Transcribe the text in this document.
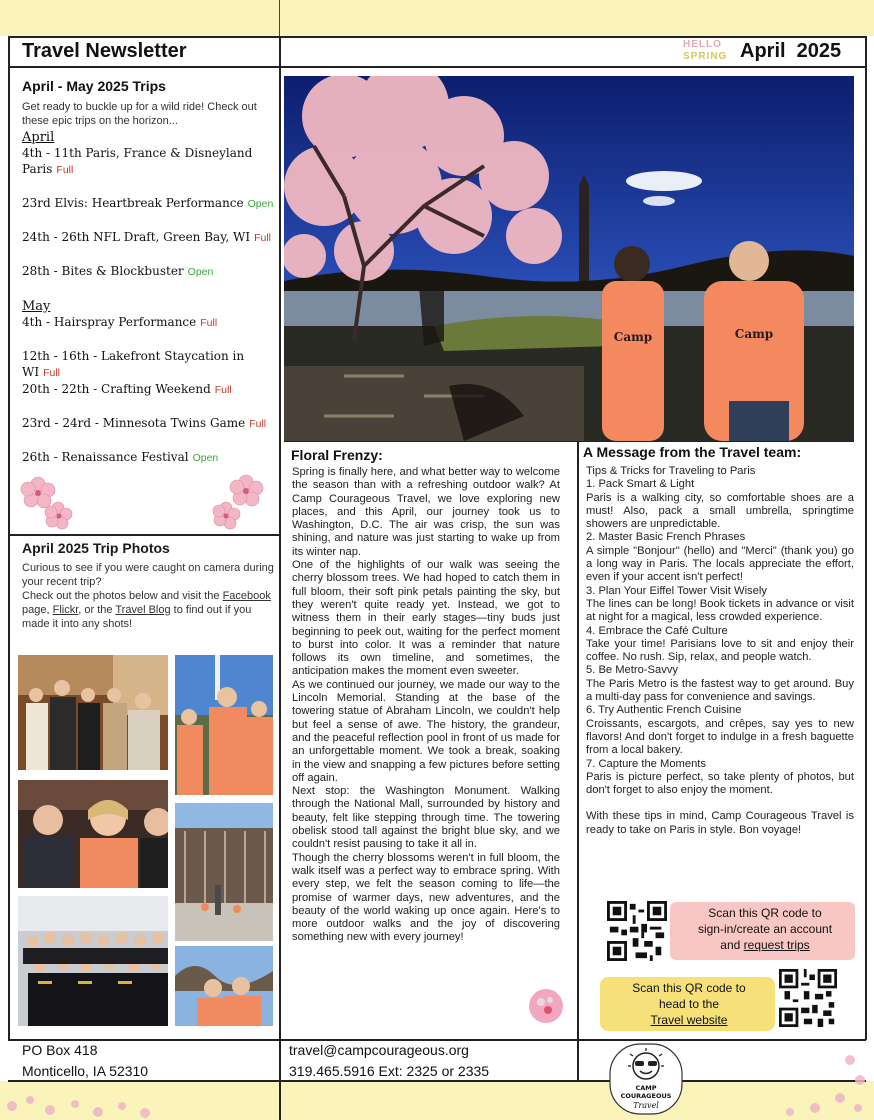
Travel Newsletter	HELLO
SPRING April  2025
April - May 2025 Trips
Get ready to buckle up for a wild ride! Check out these epic trips on the horizon...
April
4th - 11th Paris, France & Disneyland Paris Full
23rd Elvis: Heartbreak Performance Open
24th - 26th NFL Draft, Green Bay, WI Full
28th - Bites & Blockbuster Open
May
4th - Hairspray Performance Full
12th - 16th - Lakefront Staycation in WI Full
20th - 22th - Crafting Weekend Full
23rd - 24rd - Minnesota Twins Game Full
26th - Renaissance Festival Open
April 2025 Trip Photos
Curious to see if you were caught on camera during your recent trip?
Check out the photos below and visit the Facebook page, Flickr, or the Travel Blog to find out if you made it into any shots!
Camp	Camp
Floral Frenzy:

Spring is finally here, and what better way to welcome the season than with a refreshing outdoor walk? At Camp Courageous Travel, we love exploring new places, and this April, our journey took us to Washington, D.C. The air was crisp, the sun was shining, and nature was just starting to wake up from its winter nap.

One of the highlights of our walk was seeing the cherry blossom trees. We had hoped to catch them in full bloom, their soft pink petals painting the sky, but they weren't quite ready yet. Instead, we got to witness them in their early stages—tiny buds just beginning to peek out, waiting for the perfect moment to burst into color. It was a reminder that nature follows its own timeline, and sometimes, the anticipation makes the moment even sweeter.

As we continued our journey, we made our way to the Lincoln Memorial. Standing at the base of the towering statue of Abraham Lincoln, we couldn't help but feel a sense of awe. The history, the grandeur, and the peaceful reflection pool in front of us made for an unforgettable moment. We took a break, soaking in the view and snapping a few pictures before setting off again.

Next stop: the Washington Monument. Walking through the National Mall, surrounded by history and beauty, felt like stepping through time. The towering obelisk stood tall against the bright blue sky, and we couldn't resist pausing to take it all in.

Though the cherry blossoms weren't in full bloom, the walk itself was a perfect way to embrace spring. With every step, we felt the season coming to life—the promise of warmer days, new adventures, and the beauty of the world waking up once again. Here's to more outdoor walks and the joy of discovering something new with every journey!

A Message from the Travel team:

Tips & Tricks for Traveling to Paris

1. Pack Smart & Light

Paris is a walking city, so comfortable shoes are a must! Also, pack a small umbrella, springtime showers are unpredictable.

2. Master Basic French Phrases

A simple "Bonjour" (hello) and "Merci" (thank you) go a long way in Paris. The locals appreciate the effort, even if your accent isn't perfect!

3. Plan Your Eiffel Tower Visit Wisely

The lines can be long! Book tickets in advance or visit at night for a magical, less crowded experience.

4. Embrace the Café Culture

Take your time! Parisians love to sit and enjoy their coffee. No rush. Sip, relax, and people watch.

5. Be Metro-Savvy

The Paris Metro is the fastest way to get around. Buy a multi-day pass for convenience and savings.

6. Try Authentic French Cuisine

Croissants, escargots, and crêpes, say yes to new flavors! And don't forget to indulge in a fresh baguette from a local bakery.

7. Capture the Moments

Paris is picture perfect, so take plenty of photos, but don't forget to also enjoy the moment.

With these tips in mind, Camp Courageous Travel is ready to take on Paris in style. Bon voyage!

Scan this QR code to
sign-in/create an account
and request trips
Scan this QR code to
head to the
Travel website
PO Box 418
Monticello, IA 52310
travel@campcourageous.org
319.465.5916 Ext: 2325 or 2335
CAMP
COURAGEOUS
Travel
